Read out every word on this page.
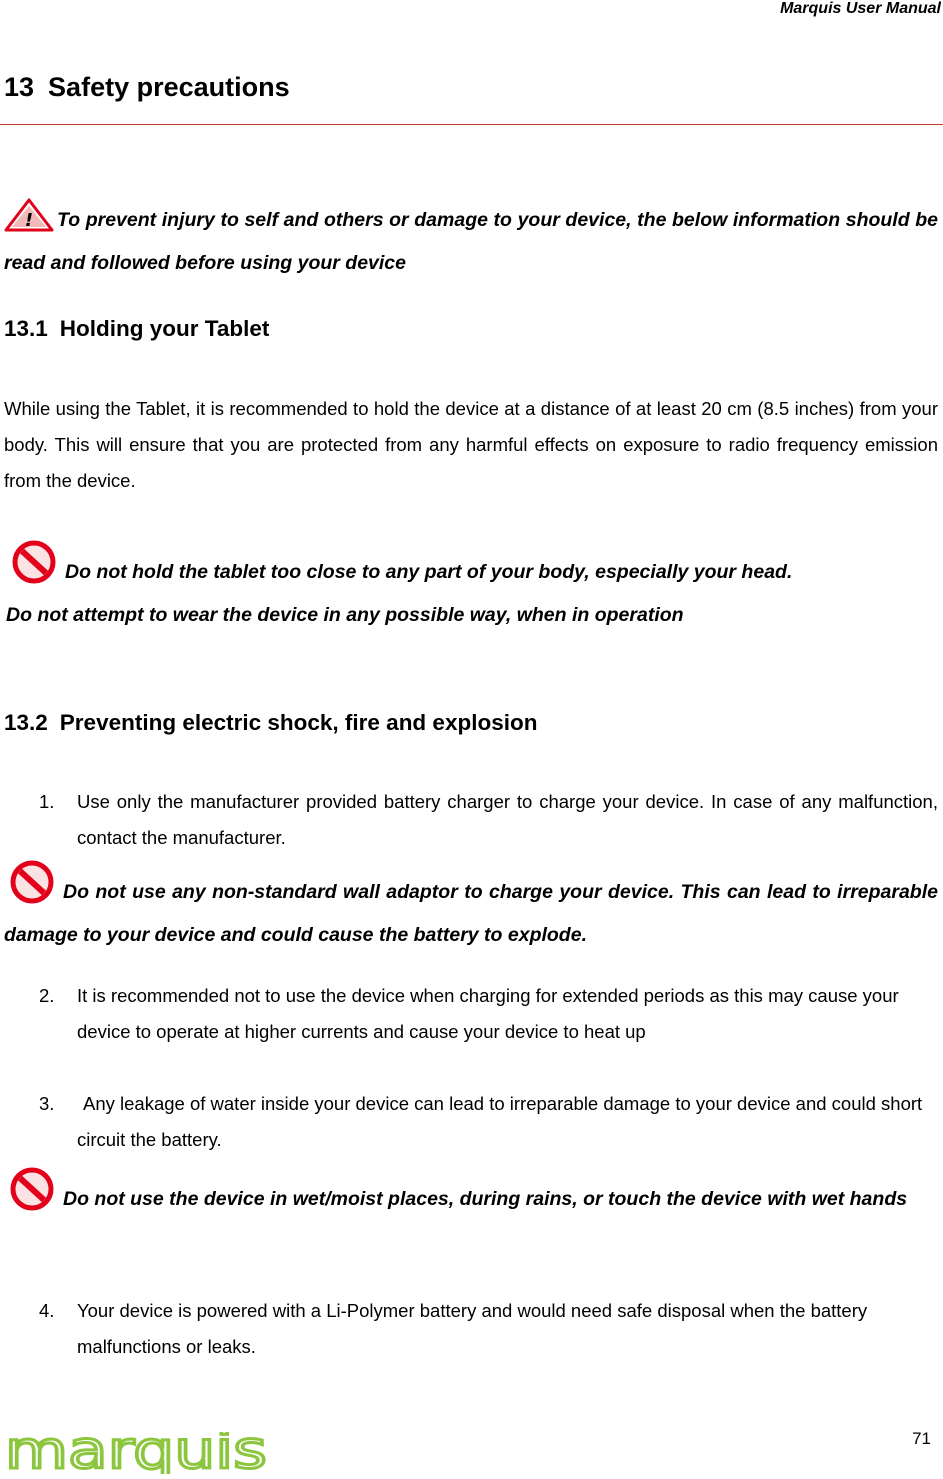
Marquis User Manual
13 Safety precautions
! To prevent injury to self and others or damage to your device, the below information should be read and followed before using your device
13.1 Holding your Tablet
While using the Tablet, it is recommended to hold the device at a distance of at least 20 cm (8.5 inches) from your body. This will ensure that you are protected from any harmful effects on exposure to radio frequency emission from the device.
Do not hold the tablet too close to any part of your body, especially your head.
Do not attempt to wear the device in any possible way, when in operation
13.2 Preventing electric shock, fire and explosion
1. Use only the manufacturer provided battery charger to charge your device. In case of any malfunction, contact the manufacturer.
Do not use any non-standard wall adaptor to charge your device. This can lead to irreparable damage to your device and could cause the battery to explode.
2. It is recommended not to use the device when charging for extended periods as this may cause your device to operate at higher currents and cause your device to heat up
3. Any leakage of water inside your device can lead to irreparable damage to your device and could short circuit the battery.
Do not use the device in wet/moist places, during rains, or touch the device with wet hands
4. Your device is powered with a Li-Polymer battery and would need safe disposal when the battery malfunctions or leaks.
marquis	71
